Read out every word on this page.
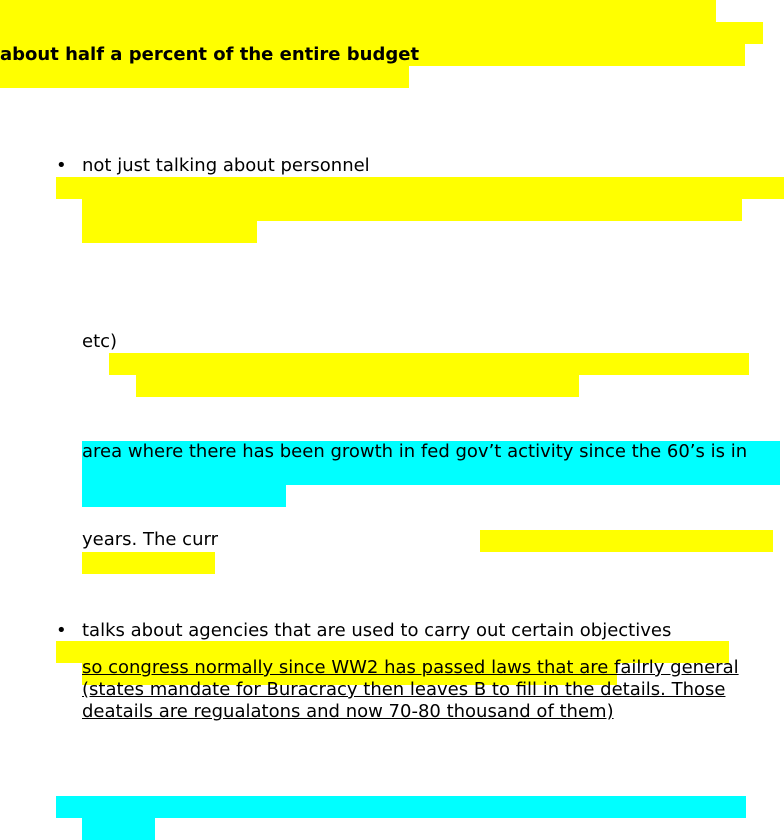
about half a percent of the entire budget
• not just talking about personnel
etc)
area where there has been growth in fed gov’t activity since the 60’s is in
years. The curr
• talks about agencies that are used to carry out certain objectives
so congress normally since WW2 has passed laws that are failrly general
(states mandate for Buracracy then leaves B to fill in the details. Those
deatails are regualatons and now 70-80 thousand of them)
